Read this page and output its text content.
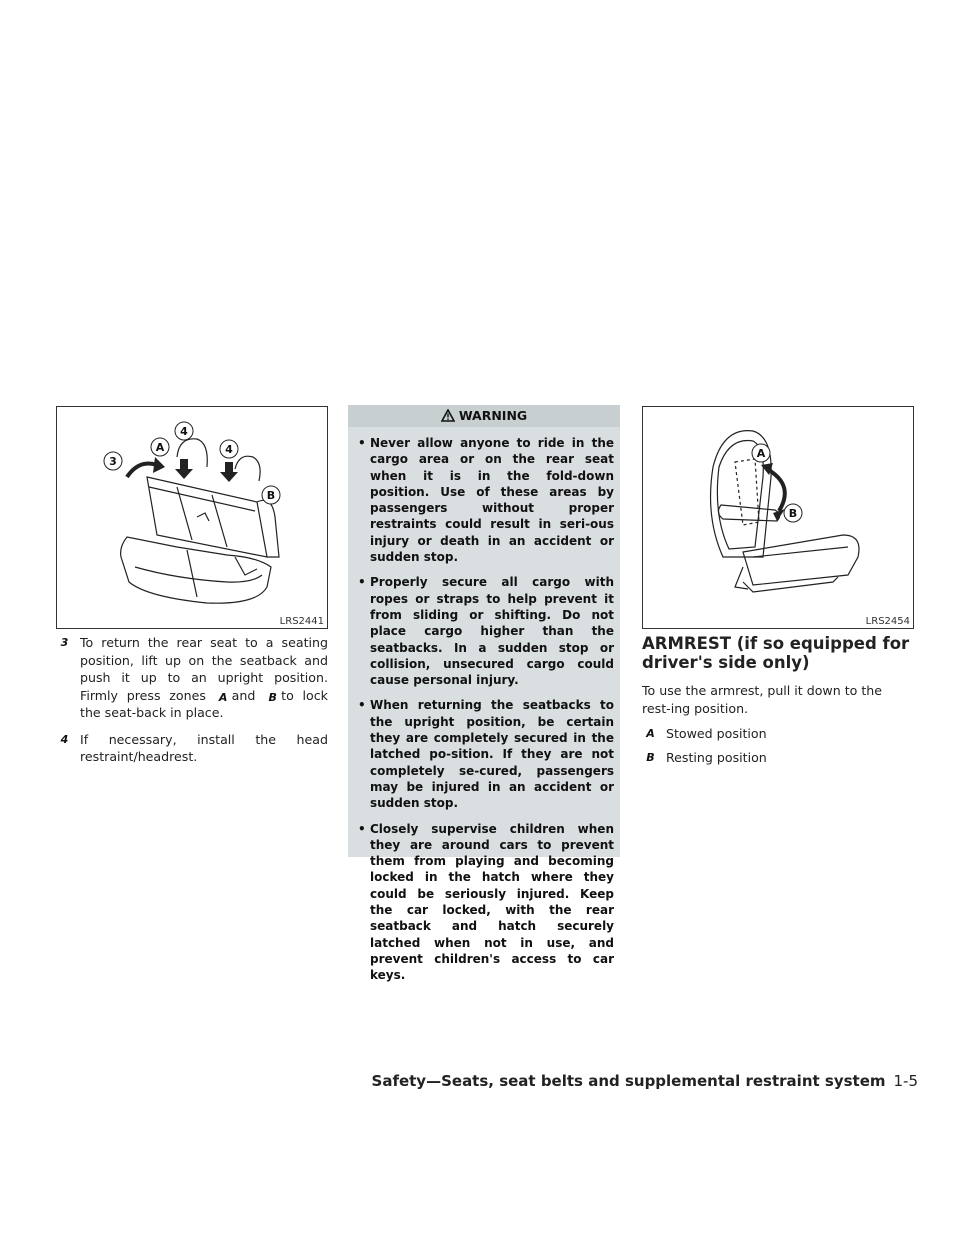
3
A
4
4
B
LRS2441
3 To return the rear seat to a seating position, lift up on the seatback and push it up to an upright position. Firmly press zones A and B to lock the seat-back in place.
4 If necessary, install the head restraint/headrest.
WARNING
• Never allow anyone to ride in the cargo area or on the rear seat when it is in the fold-down position. Use of these areas by passengers without proper restraints could result in seri-ous injury or death in an accident or sudden stop.
• Properly secure all cargo with ropes or straps to help prevent it from sliding or shifting. Do not place cargo higher than the seatbacks. In a sudden stop or collision, unsecured cargo could cause personal injury.
• When returning the seatbacks to the upright position, be certain they are completely secured in the latched po-sition. If they are not completely se-cured, passengers may be injured in an accident or sudden stop.
• Closely supervise children when they are around cars to prevent them from playing and becoming locked in the hatch where they could be seriously injured. Keep the car locked, with the rear seatback and hatch securely latched when not in use, and prevent children's access to car keys.
A
B
LRS2454
ARMREST (if so equipped for driver's side only)

To use the armrest, pull it down to the rest-ing position.

A Stowed position
B Resting position
Safety—Seats, seat belts and supplemental restraint system 1-5
